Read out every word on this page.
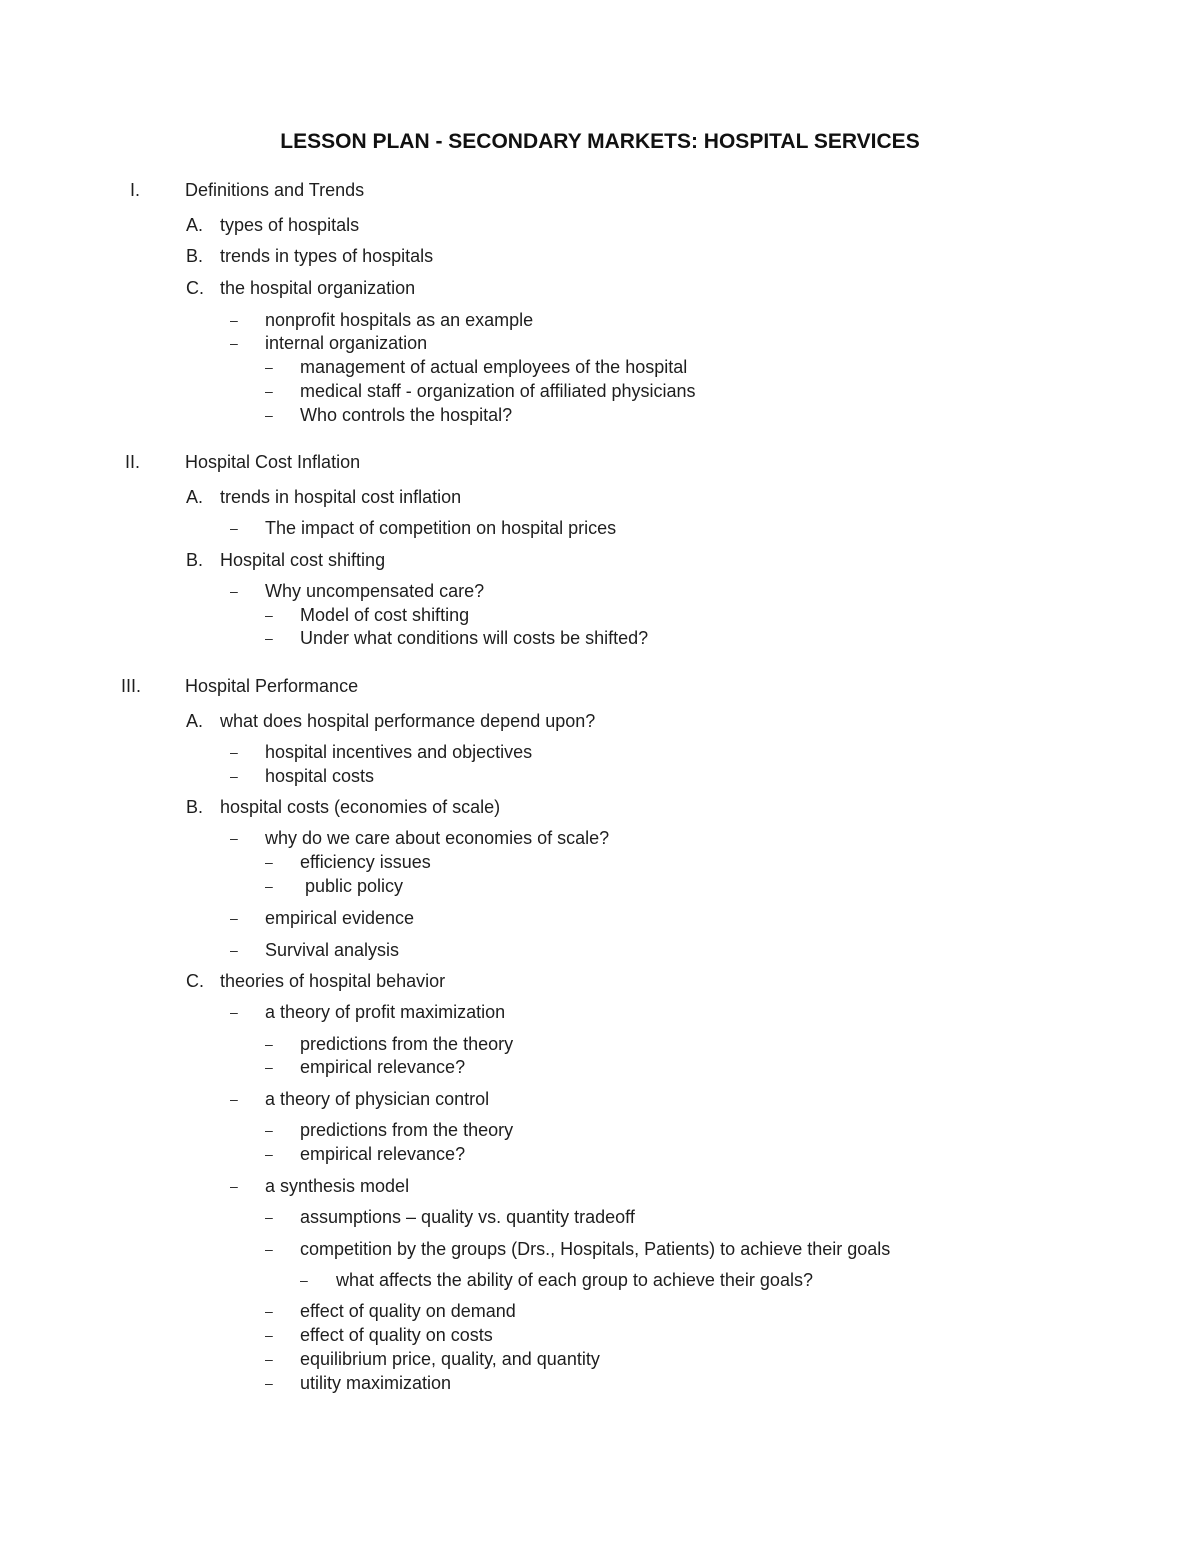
LESSON PLAN - SECONDARY MARKETS: HOSPITAL SERVICES
I. Definitions and Trends
A. types of hospitals
B. trends in types of hospitals
C. the hospital organization
– nonprofit hospitals as an example
– internal organization
– management of actual employees of the hospital
– medical staff - organization of affiliated physicians
– Who controls the hospital?
II. Hospital Cost Inflation
A. trends in hospital cost inflation
– The impact of competition on hospital prices
B. Hospital cost shifting
– Why uncompensated care?
– Model of cost shifting
– Under what conditions will costs be shifted?
III. Hospital Performance
A. what does hospital performance depend upon?
– hospital incentives and objectives
– hospital costs
B. hospital costs (economies of scale)
– why do we care about economies of scale?
– efficiency issues
– public policy
– empirical evidence
– Survival analysis
C. theories of hospital behavior
– a theory of profit maximization
– predictions from the theory
– empirical relevance?
– a theory of physician control
– predictions from the theory
– empirical relevance?
– a synthesis model
– assumptions – quality vs. quantity tradeoff
– competition by the groups (Drs., Hospitals, Patients) to achieve their goals
– what affects the ability of each group to achieve their goals?
– effect of quality on demand
– effect of quality on costs
– equilibrium price, quality, and quantity
– utility maximization
